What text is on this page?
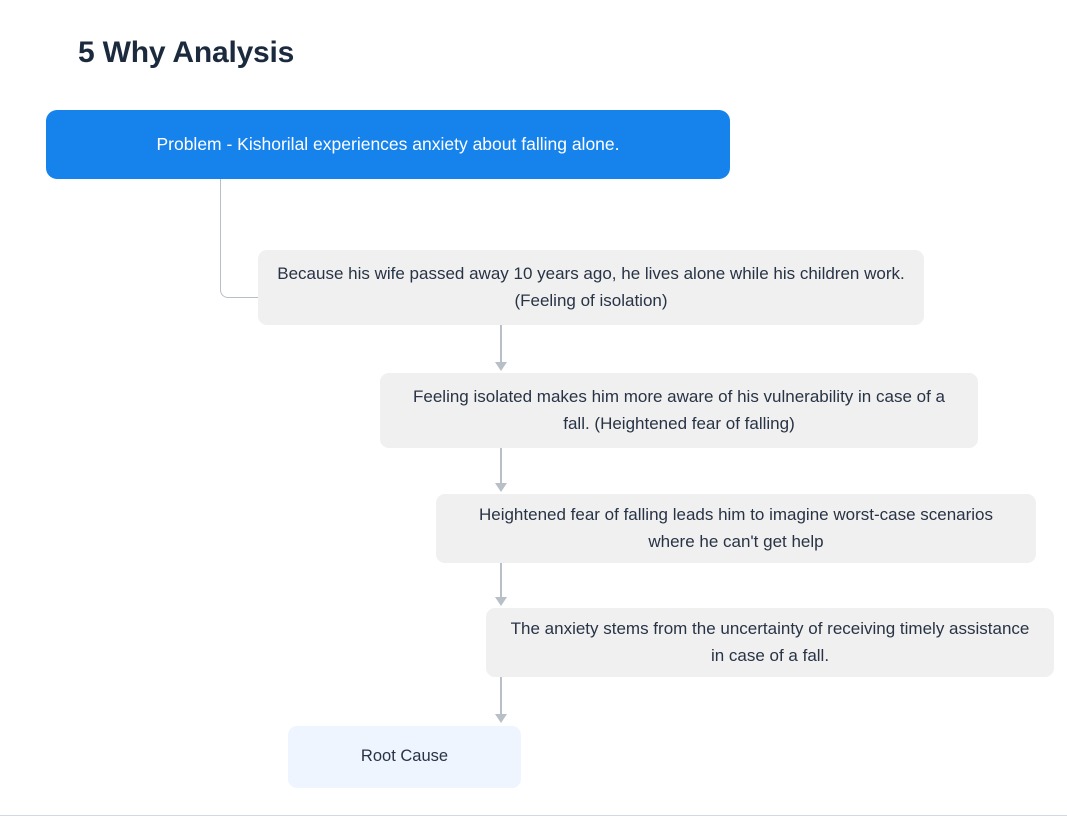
5 Why Analysis
Problem - Kishorilal experiences anxiety about falling alone.
Because his wife passed away 10 years ago, he lives alone while his children work. (Feeling of isolation)
Feeling isolated makes him more aware of his vulnerability in case of a fall. (Heightened fear of falling)
Heightened fear of falling leads him to imagine worst-case scenarios where he can't get help
The anxiety stems from the uncertainty of receiving timely assistance in case of a fall.
Root Cause
